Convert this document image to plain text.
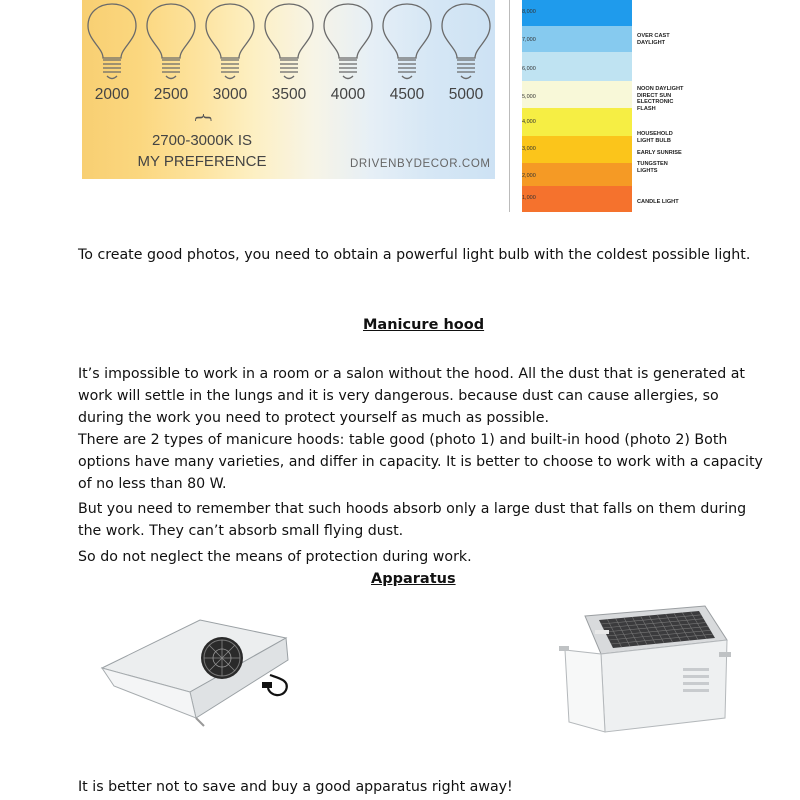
2000	2500	3000	3500	4000	4500	5000
{
2700-3000K IS
MY PREFERENCE	DRIVENBYDECOR.COM
8,000
7,000
6,000
5,000
4,000
3,000
2,000
1,000
OVER CAST
DAYLIGHT
NOON DAYLIGHT
DIRECT SUN
ELECTRONIC
FLASH
HOUSEHOLD
LIGHT BULB
EARLY SUNRISE
TUNGSTEN
LIGHTS
CANDLE LIGHT
To create good photos, you need to obtain a powerful light bulb with the coldest possible light.
Manicure hood
It’s impossible to work in a room or a salon without the hood. All the dust that is generated at work will settle in the lungs and it is very dangerous. because dust can cause allergies, so during the work you need to protect yourself as much as possible.
There are 2 types of manicure hoods: table good (photo 1) and built-in hood (photo 2) Both options have many varieties, and differ in capacity. It is better to choose to work with a capacity of no less than 80 W.
But you need to remember that such hoods absorb only a large dust that falls on them during the work. They can’t absorb small flying dust.
So do not neglect the means of protection during work.
Apparatus
It is better not to save and buy a good apparatus right away!
